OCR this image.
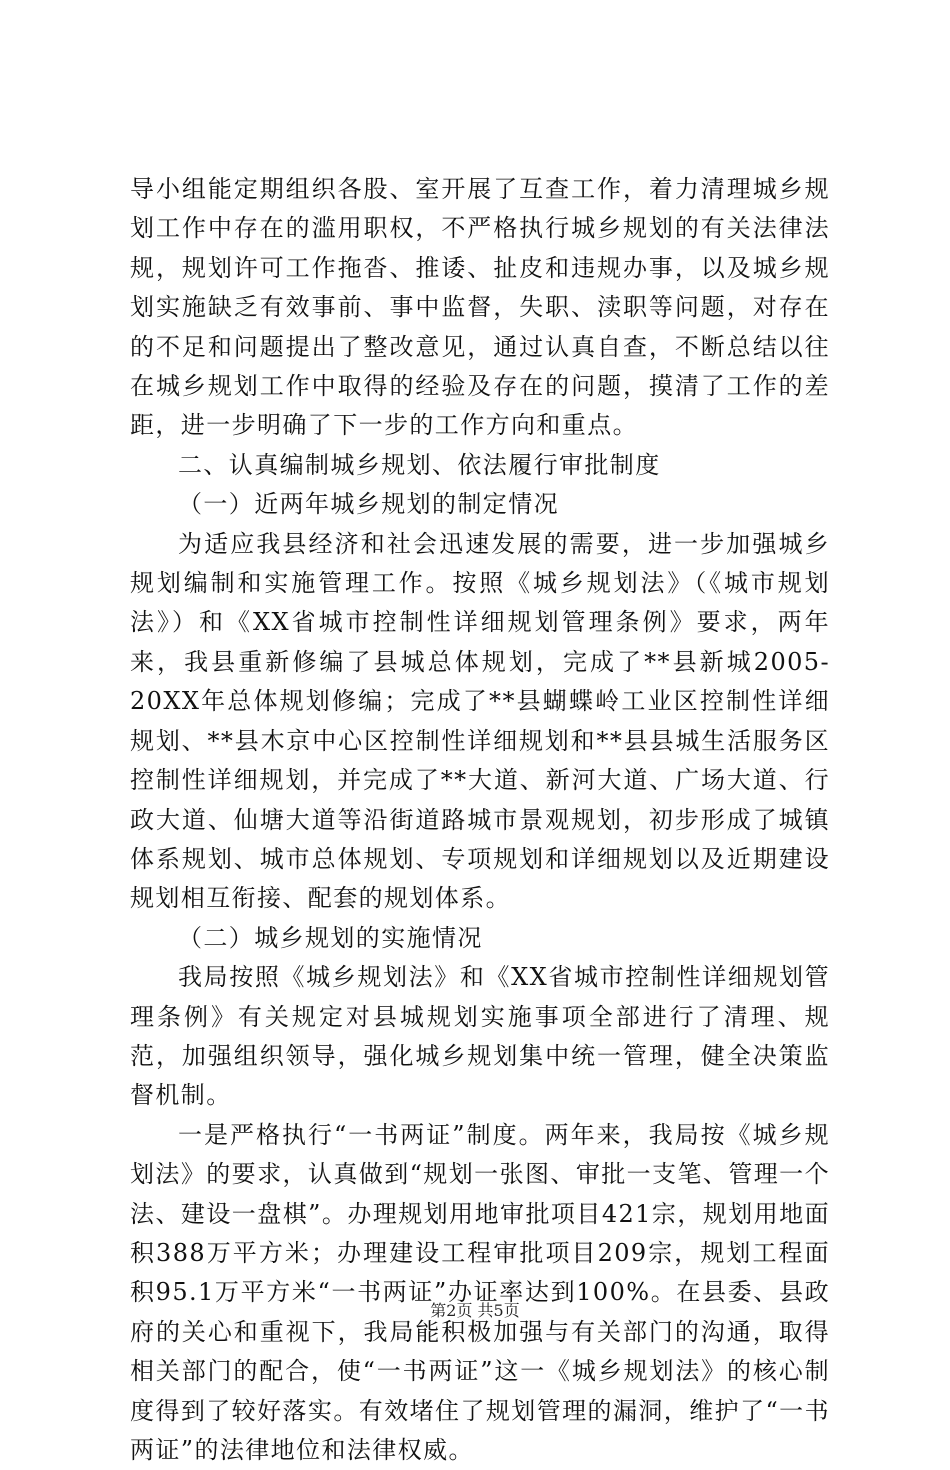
导小组能定期组织各股、室开展了互查工作，着力清理城乡规划工作中存在的滥用职权，不严格执行城乡规划的有关法律法规，规划许可工作拖沓、推诿、扯皮和违规办事，以及城乡规划实施缺乏有效事前、事中监督，失职、渎职等问题，对存在的不足和问题提出了整改意见，通过认真自查，不断总结以往在城乡规划工作中取得的经验及存在的问题，摸清了工作的差距，进一步明确了下一步的工作方向和重点。

二、认真编制城乡规划、依法履行审批制度

（一）近两年城乡规划的制定情况

为适应我县经济和社会迅速发展的需要，进一步加强城乡规划编制和实施管理工作。按照《城乡规划法》（《城市规划法》）和《XX省城市控制性详细规划管理条例》要求，两年来，我县重新修编了县城总体规划，完成了**县新城2005-20XX年总体规划修编；完成了**县蝴蝶岭工业区控制性详细规划、**县木京中心区控制性详细规划和**县县城生活服务区控制性详细规划，并完成了**大道、新河大道、广场大道、行政大道、仙塘大道等沿街道路城市景观规划，初步形成了城镇体系规划、城市总体规划、专项规划和详细规划以及近期建设规划相互衔接、配套的规划体系。

（二）城乡规划的实施情况

我局按照《城乡规划法》和《XX省城市控制性详细规划管理条例》有关规定对县城规划实施事项全部进行了清理、规范，加强组织领导，强化城乡规划集中统一管理，健全决策监督机制。

一是严格执行“一书两证”制度。两年来，我局按《城乡规划法》的要求，认真做到“规划一张图、审批一支笔、管理一个法、建设一盘棋”。办理规划用地审批项目421宗，规划用地面积388万平方米；办理建设工程审批项目209宗，规划工程面积95.1万平方米“一书两证”办证率达到100%。在县委、县政府的关心和重视下，我局能积极加强与有关部门的沟通，取得相关部门的配合，使“一书两证”这一《城乡规划法》的核心制度得到了较好落实。有效堵住了规划管理的漏洞，维护了“一书两证”的法律地位和法律权威。

第2页 共5页
